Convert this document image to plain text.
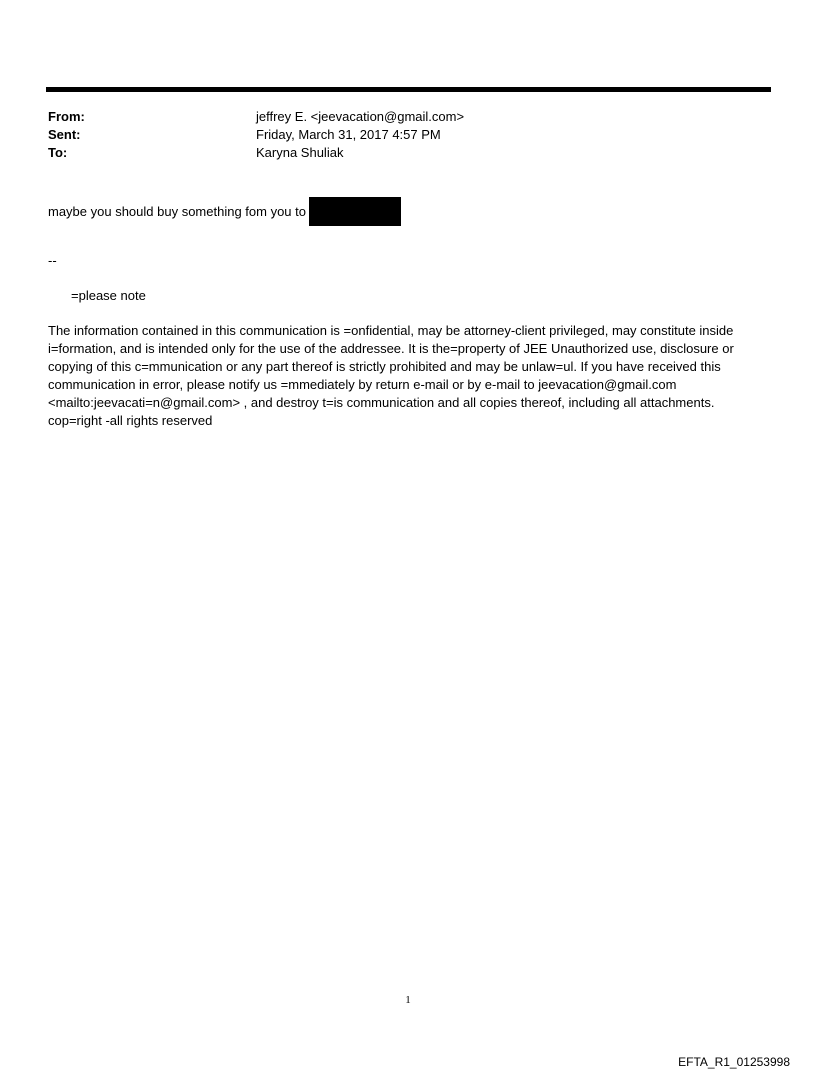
From:	jeffrey E. <jeevacation@gmail.com>
Sent:	Friday, March 31, 2017 4:57 PM
To:	Karyna Shuliak
maybe you should buy something fom you to
--
=please note
The information contained in this communication is =onfidential, may be attorney-client privileged, may constitute inside i=formation, and is intended only for the use of the addressee. It is the=property of JEE Unauthorized use, disclosure or copying of this c=mmunication or any part thereof is strictly prohibited and may be unlaw=ul. If you have received this communication in error, please notify us =mmediately by return e-mail or by e-mail to jeevacation@gmail.com <mailto:jeevacati=n@gmail.com> , and destroy t=is communication and all copies thereof, including all attachments. cop=right -all rights reserved
1
EFTA_R1_01253998
